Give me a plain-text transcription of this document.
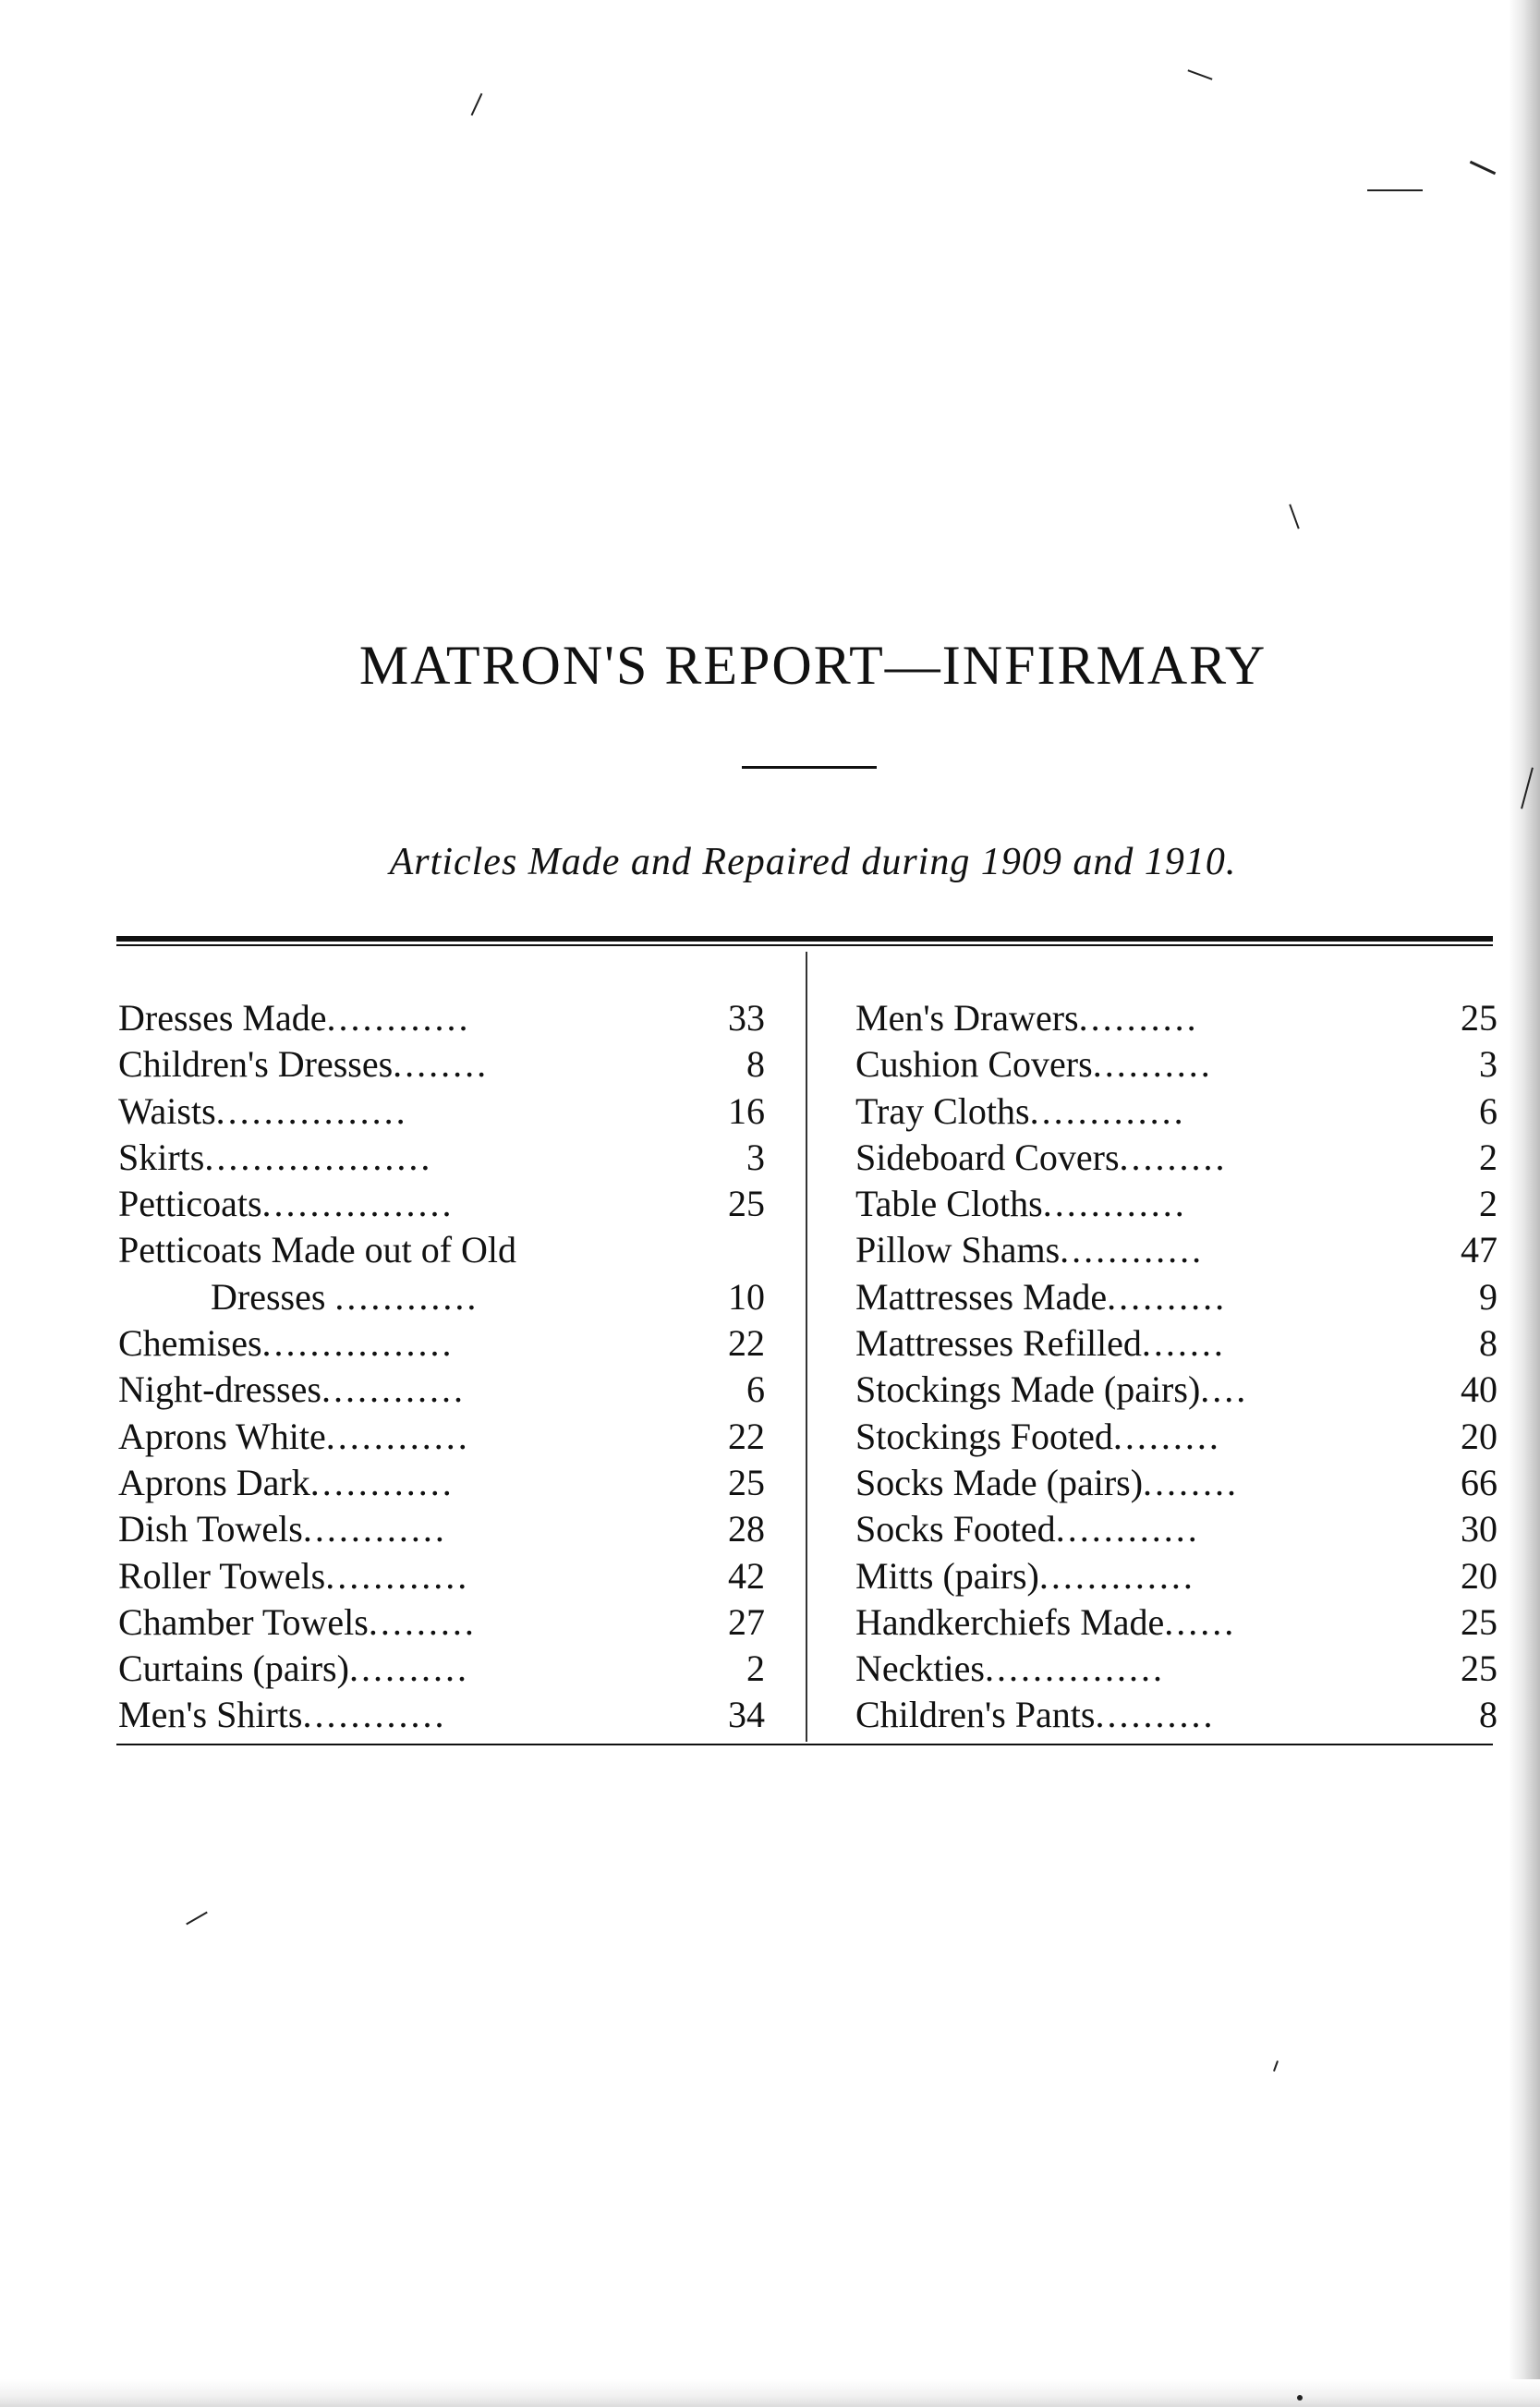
MATRON'S REPORT—INFIRMARY
Articles Made and Repaired during 1909 and 1910.
Dresses Made............	33
Children's Dresses........	8
Waists................	16
Skirts...................	3
Petticoats................	25
Petticoats Made out of Old
Dresses ............	10
Chemises................	22
Night-dresses............	6
Aprons White............	22
Aprons Dark............	25
Dish Towels............	28
Roller Towels............	42
Chamber Towels.........	27
Curtains (pairs)..........	2
Men's Shirts............	34
Men's Drawers..........	25
Cushion Covers..........	3
Tray Cloths.............	6
Sideboard Covers.........	2
Table Cloths............	2
Pillow Shams............	47
Mattresses Made..........	9
Mattresses Refilled.......	8
Stockings Made (pairs)....	40
Stockings Footed.........	20
Socks Made (pairs)........	66
Socks Footed............	30
Mitts (pairs).............	20
Handkerchiefs Made......	25
Neckties...............	25
Children's Pants..........	8
